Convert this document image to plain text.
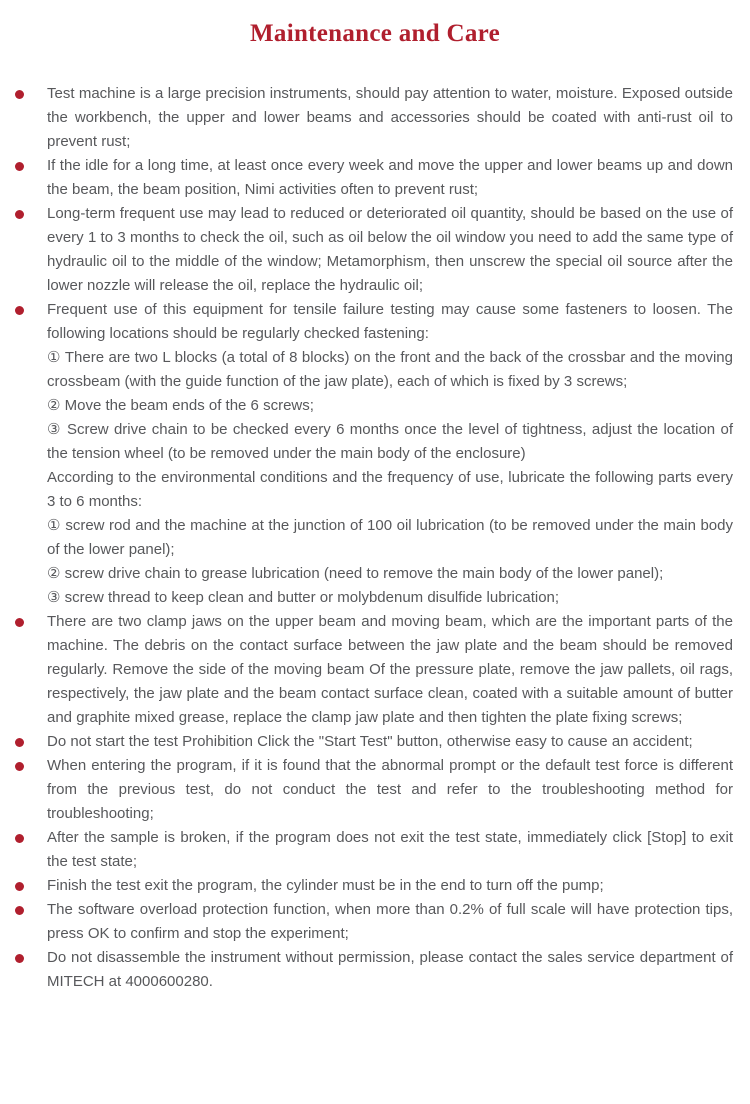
Maintenance and Care
Test machine is a large precision instruments, should pay attention to water, moisture. Exposed outside the workbench, the upper and lower beams and accessories should be coated with anti-rust oil to prevent rust;
If the idle for a long time, at least once every week and move the upper and lower beams up and down the beam, the beam position, Nimi activities often to prevent rust;
Long-term frequent use may lead to reduced or deteriorated oil quantity, should be based on the use of every 1 to 3 months to check the oil, such as oil below the oil window you need to add the same type of hydraulic oil to the middle of the window; Metamorphism, then unscrew the special oil source after the lower nozzle will release the oil, replace the hydraulic oil;
Frequent use of this equipment for tensile failure testing may cause some fasteners to loosen. The following locations should be regularly checked fastening:
① There are two L blocks (a total of 8 blocks) on the front and the back of the crossbar and the moving crossbeam (with the guide function of the jaw plate), each of which is fixed by 3 screws;
② Move the beam ends of the 6 screws;
③ Screw drive chain to be checked every 6 months once the level of tightness, adjust the location of the tension wheel (to be removed under the main body of the enclosure)
According to the environmental conditions and the frequency of use, lubricate the following parts every 3 to 6 months:
① screw rod and the machine at the junction of 100 oil lubrication (to be removed under the main body of the lower panel);
② screw drive chain to grease lubrication (need to remove the main body of the lower panel);
③ screw thread to keep clean and butter or molybdenum disulfide lubrication;
There are two clamp jaws on the upper beam and moving beam, which are the important parts of the machine. The debris on the contact surface between the jaw plate and the beam should be removed regularly. Remove the side of the moving beam Of the pressure plate, remove the jaw pallets, oil rags, respectively, the jaw plate and the beam contact surface clean, coated with a suitable amount of butter and graphite mixed grease, replace the clamp jaw plate and then tighten the plate fixing screws;
Do not start the test Prohibition Click the "Start Test" button, otherwise easy to cause an accident;
When entering the program, if it is found that the abnormal prompt or the default test force is different from the previous test, do not conduct the test and refer to the troubleshooting method for troubleshooting;
After the sample is broken, if the program does not exit the test state, immediately click [Stop] to exit the test state;
Finish the test exit the program, the cylinder must be in the end to turn off the pump;
The software overload protection function, when more than 0.2% of full scale will have protection tips, press OK to confirm and stop the experiment;
Do not disassemble the instrument without permission, please contact the sales service department of MITECH at 4000600280.
